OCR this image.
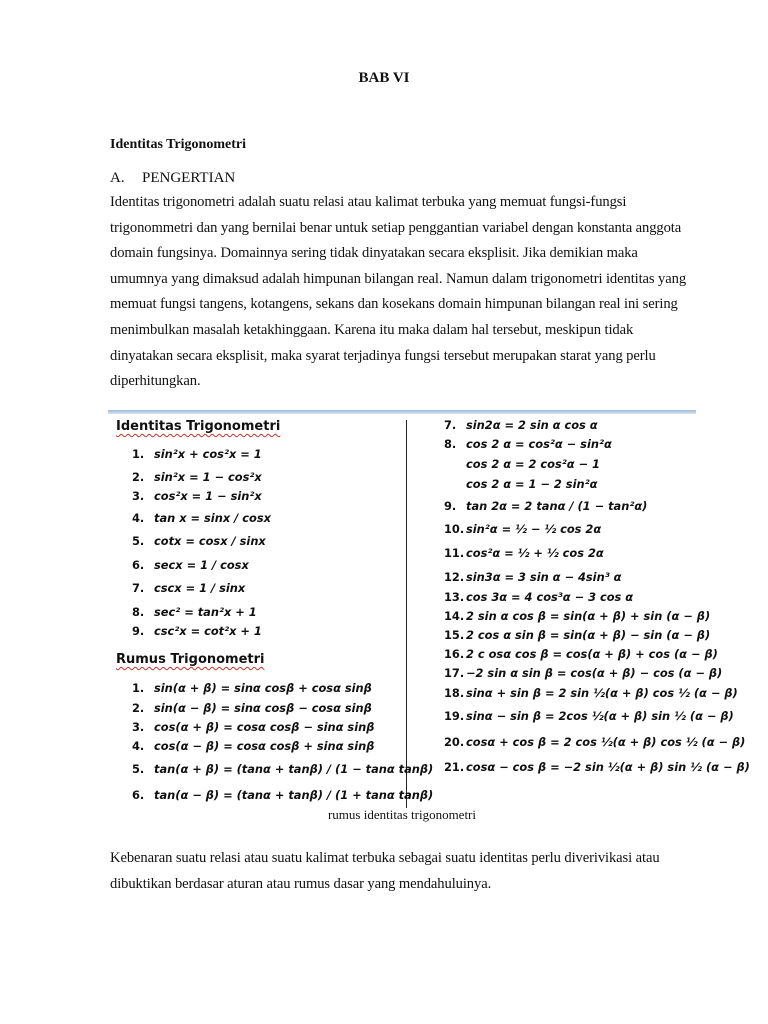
BAB VI
Identitas Trigonometri
A. PENGERTIAN

Identitas trigonometri adalah suatu relasi atau kalimat terbuka yang memuat fungsi-fungsi trigonommetri dan yang bernilai benar untuk setiap penggantian variabel dengan konstanta anggota domain fungsinya. Domainnya sering tidak dinyatakan secara eksplisit. Jika demikian maka umumnya yang dimaksud adalah himpunan bilangan real. Namun dalam trigonometri identitas yang memuat fungsi tangens, kotangens, sekans dan kosekans domain himpunan bilangan real ini sering menimbulkan masalah ketakhinggaan. Karena itu maka dalam hal tersebut, meskipun tidak dinyatakan secara eksplisit, maka syarat terjadinya fungsi tersebut merupakan starat yang perlu diperhitungkan.

Identitas Trigonometri
1. sin²x + cos²x = 1
2. sin²x = 1 − cos²x
3. cos²x = 1 − sin²x
4. tan x = sinx / cosx
5. cotx = cosx / sinx
6. secx = 1 / cosx
7. cscx = 1 / sinx
8. sec² = tan²x + 1
9. csc²x = cot²x + 1
Rumus Trigonometri
1. sin(α + β) = sinα cosβ + cosα sinβ
2. sin(α − β) = sinα cosβ − cosα sinβ
3. cos(α + β) = cosα cosβ − sinα sinβ
4. cos(α − β) = cosα cosβ + sinα sinβ
5. tan(α + β) = (tanα + tanβ) / (1 − tanα tanβ)
6. tan(α − β) = (tanα + tanβ) / (1 + tanα tanβ)
7. sin2α = 2 sin α cos α
8. cos 2 α = cos²α − sin²α
cos 2 α = 2 cos²α − 1
cos 2 α = 1 − 2 sin²α
9. tan 2α = 2 tanα / (1 − tan²α)
10. sin²α = ½ − ½ cos 2α
11. cos²α = ½ + ½ cos 2α
12. sin3α = 3 sin α − 4sin³ α
13. cos 3α = 4 cos³α − 3 cos α
14. 2 sin α cos β = sin(α + β) + sin (α − β)
15. 2 cos α sin β = sin(α + β) − sin (α − β)
16. 2 c osα cos β = cos(α + β) + cos (α − β)
17. −2 sin α sin β = cos(α + β) − cos (α − β)
18. sinα + sin β = 2 sin ½(α + β) cos ½ (α − β)
19. sinα − sin β = 2cos ½(α + β) sin ½ (α − β)
20. cosα + cos β = 2 cos ½(α + β) cos ½ (α − β)
21. cosα − cos β = −2 sin ½(α + β) sin ½ (α − β)
rumus identitas trigonometri

Kebenaran suatu relasi atau suatu kalimat terbuka sebagai suatu identitas perlu diverivikasi atau dibuktikan berdasar aturan atau rumus dasar yang mendahuluinya.
